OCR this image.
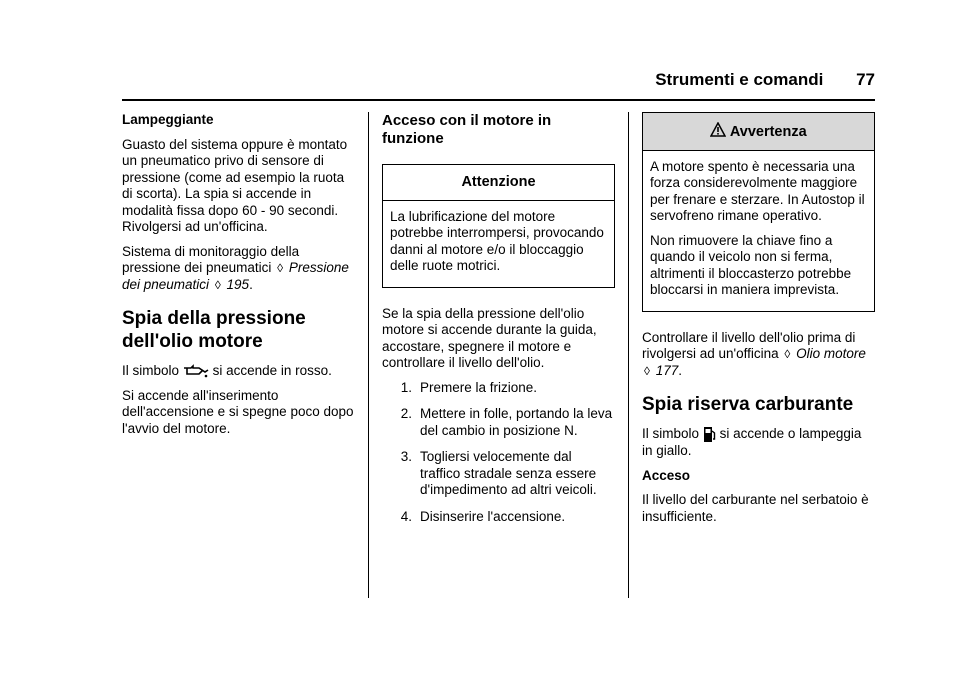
Strumenti e comandi 77

Lampeggiante

Guasto del sistema oppure è montato un pneumatico privo di sensore di pressione (come ad esempio la ruota di scorta). La spia si accende in modalità fissa dopo 60 - 90 secondi. Rivolgersi ad un'officina.

Sistema di monitoraggio della pressione dei pneumatici ◊ Pressione dei pneumatici ◊ 195.

Spia della pressione dell'olio motore

Il simbolo si accende in rosso.

Si accende all'inserimento dell'accensione e si spegne poco dopo l'avvio del motore.

Acceso con il motore in funzione
Attenzione

La lubrificazione del motore potrebbe interrompersi, provocando danni al motore e/o il bloccaggio delle ruote motrici.

Se la spia della pressione dell'olio motore si accende durante la guida, accostare, spegnere il motore e controllare il livello dell'olio.

1. Premere la frizione.
2. Mettere in folle, portando la leva del cambio in posizione N.
3. Togliersi velocemente dal traffico stradale senza essere d'impedimento ad altri veicoli.
4. Disinserire l'accensione.
Avvertenza

A motore spento è necessaria una forza considerevolmente maggiore per frenare e sterzare. In Autostop il servofreno rimane operativo.

Non rimuovere la chiave fino a quando il veicolo non si ferma, altrimenti il bloccasterzo potrebbe bloccarsi in maniera imprevista.

Controllare il livello dell'olio prima di rivolgersi ad un'officina ◊ Olio motore ◊ 177.

Spia riserva carburante

Il simbolo si accende o lampeggia in giallo.

Acceso

Il livello del carburante nel serbatoio è insufficiente.
